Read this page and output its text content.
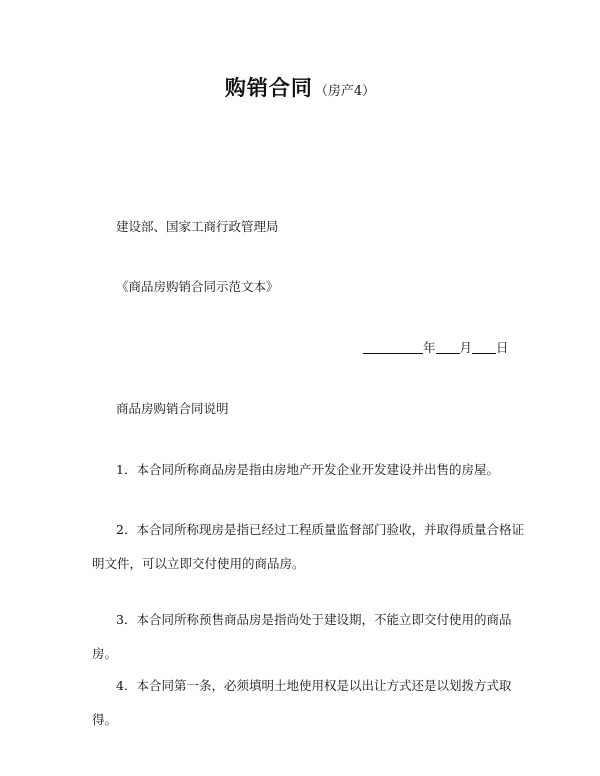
购销合同 （房产4）
建设部、国家工商行政管理局
《商品房购销合同示范文本》
年 月 日
商品房购销合同说明
1．本合同所称商品房是指由房地产开发企业开发建设并出售的房屋。
2．本合同所称现房是指已经过工程质量监督部门验收，并取得质量合格证明文件，可以立即交付使用的商品房。
3．本合同所称预售商品房是指尚处于建设期，不能立即交付使用的商品房。
4．本合同第一条，必须填明土地使用权是以出让方式还是以划拨方式取得。
